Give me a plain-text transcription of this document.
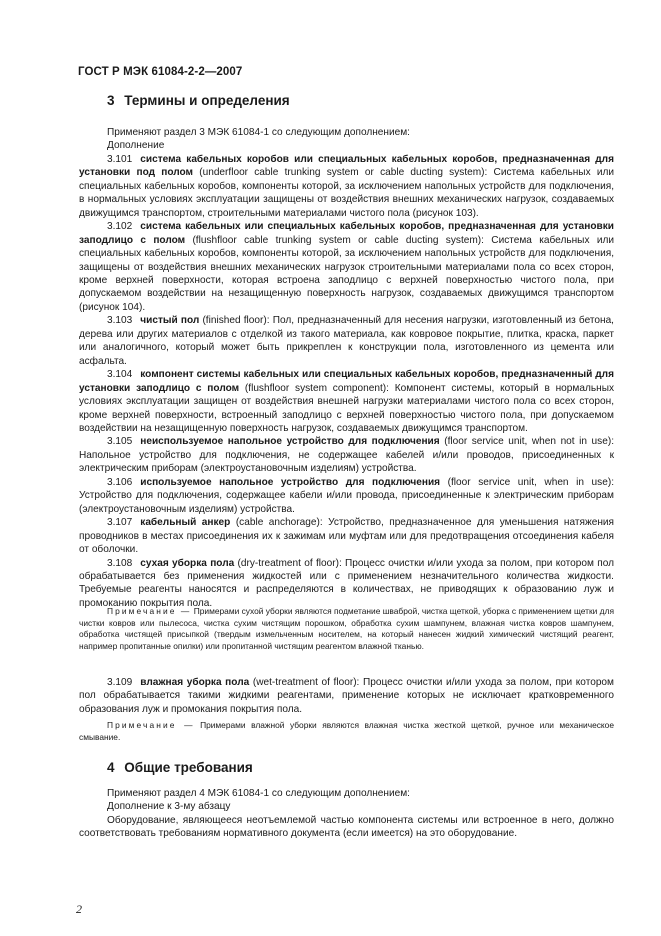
ГОСТ Р МЭК 61084-2-2—2007
3 Термины и определения

Применяют раздел 3 МЭК 61084-1 со следующим дополнением:

Дополнение

3.101 система кабельных коробов или специальных кабельных коробов, предназначенная для установки под полом (underfloor cable trunking system or cable ducting system): Система кабельных или специальных кабельных коробов, компоненты которой, за исключением напольных устройств для подключения, в нормальных условиях эксплуатации защищены от воздействия внешних механических нагрузок, создаваемых движущимся транспортом, строительными материалами чистого пола (рисунок 103).

3.102 система кабельных или специальных кабельных коробов, предназначенная для установки заподлицо с полом (flushfloor cable trunking system or cable ducting system): Система кабельных или специальных кабельных коробов, компоненты которой, за исключением напольных устройств для подключения, защищены от воздействия внешних механических нагрузок строительными материалами пола со всех сторон, кроме верхней поверхности, которая встроена заподлицо с верхней поверхностью чистого пола, при допускаемом воздействии на незащищенную поверхность нагрузок, создаваемых движущимся транспортом (рисунок 104).

3.103 чистый пол (finished floor): Пол, предназначенный для несения нагрузки, изготовленный из бетона, дерева или других материалов с отделкой из такого материала, как ковровое покрытие, плитка, краска, паркет или аналогичного, который может быть прикреплен к конструкции пола, изготовленного из цемента или асфальта.

3.104 компонент системы кабельных или специальных кабельных коробов, предназначенный для установки заподлицо с полом (flushfloor system component): Компонент системы, который в нормальных условиях эксплуатации защищен от воздействия внешней нагрузки материалами чистого пола со всех сторон, кроме верхней поверхности, встроенный заподлицо с верхней поверхностью чистого пола, при допускаемом воздействии на незащищенную поверхность нагрузок, создаваемых движущимся транспортом.

3.105 неиспользуемое напольное устройство для подключения (floor service unit, when not in use): Напольное устройство для подключения, не содержащее кабелей и/или проводов, присоединенных к электрическим приборам (электроустановочным изделиям) устройства.

3.106 используемое напольное устройство для подключения (floor service unit, when in use): Устройство для подключения, содержащее кабели и/или провода, присоединенные к электрическим приборам (электроустановочным изделиям) устройства.

3.107 кабельный анкер (cable anchorage): Устройство, предназначенное для уменьшения натяжения проводников в местах присоединения их к зажимам или муфтам или для предотвращения отсоединения кабеля от оболочки.

3.108 сухая уборка пола (dry-treatment of floor): Процесс очистки и/или ухода за полом, при котором пол обрабатывается без применения жидкостей или с применением незначительного количества жидкости. Требуемые реагенты наносятся и распределяются в количествах, не приводящих к образованию луж и промоканию покрытия пола.

Примечание — Примерами сухой уборки являются подметание шваброй, чистка щеткой, уборка с применением щетки для чистки ковров или пылесоса, чистка сухим чистящим порошком, обработка сухим шампунем, влажная чистка ковров шампунем, обработка чистящей присыпкой (твердым измельченным носителем, на который нанесен жидкий химический чистящий реагент, например пропитанные опилки) или пропитанной чистящим реагентом влажной тканью.

3.109 влажная уборка пола (wet-treatment of floor): Процесс очистки и/или ухода за полом, при котором пол обрабатывается такими жидкими реагентами, применение которых не исключает кратковременного образования луж и промокания покрытия пола.

Примечание — Примерами влажной уборки являются влажная чистка жесткой щеткой, ручное или механическое смывание.

4 Общие требования

Применяют раздел 4 МЭК 61084-1 со следующим дополнением:

Дополнение к 3-му абзацу

Оборудование, являющееся неотъемлемой частью компонента системы или встроенное в него, должно соответствовать требованиям нормативного документа (если имеется) на это оборудование.

2
